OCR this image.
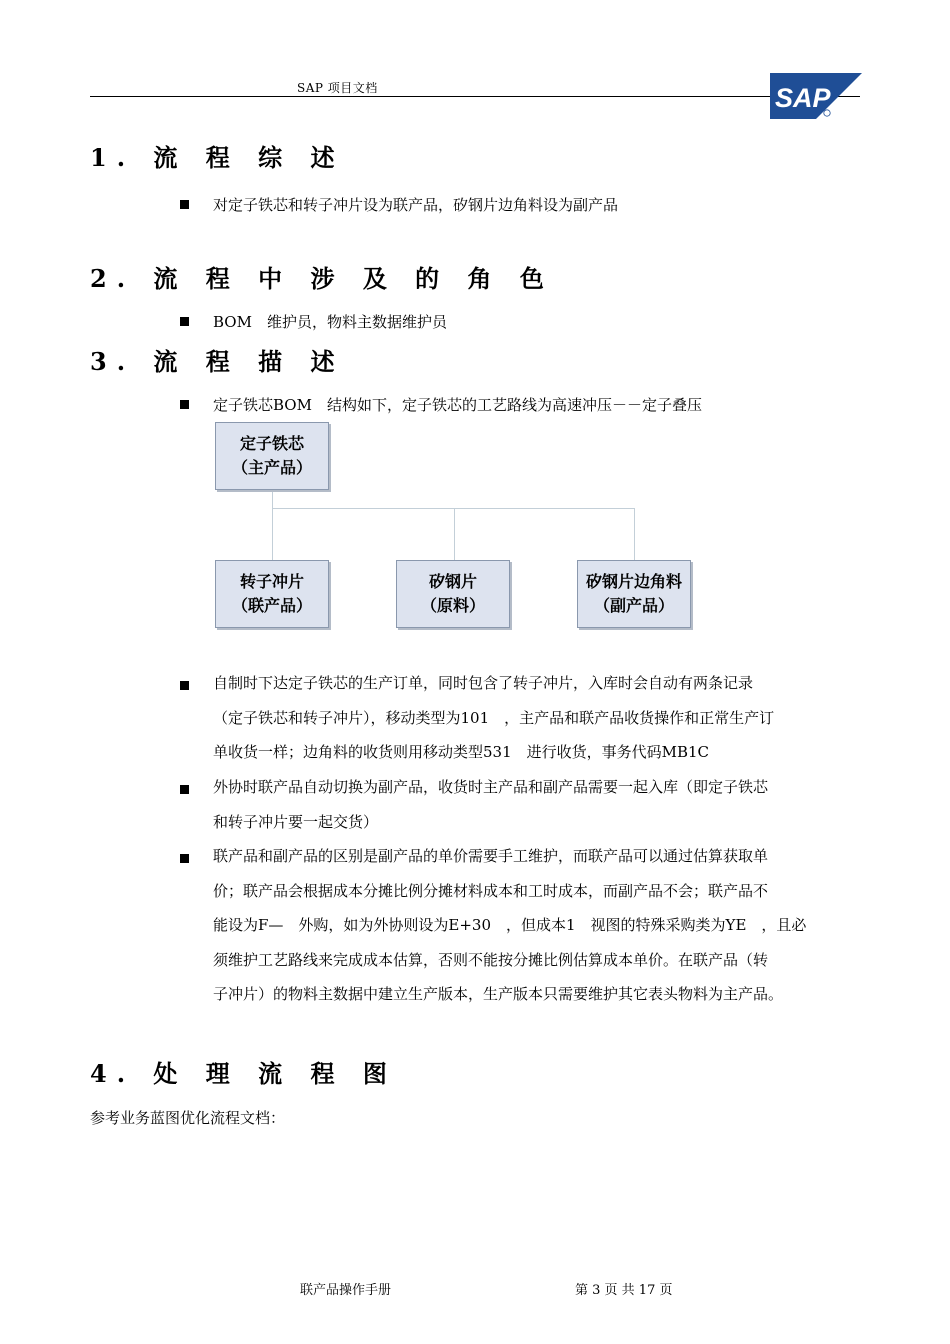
SAP 项目文档	SAP
1. 流 程 综 述
对定子铁芯和转子冲片设为联产品，矽钢片边角料设为副产品
2. 流 程 中 涉 及 的 角 色
BOM　维护员，物料主数据维护员
3. 流 程 描 述
定子铁芯BOM　结构如下，定子铁芯的工艺路线为高速冲压－－定子叠压
定子铁芯
（主产品）
转子冲片
（联产品）
矽钢片
（原料）
矽钢片边角料
（副产品）
自制时下达定子铁芯的生产订单，同时包含了转子冲片，入库时会自动有两条记录
（定子铁芯和转子冲片），移动类型为101　，主产品和联产品收货操作和正常生产订
单收货一样；边角料的收货则用移动类型531　进行收货，事务代码MB1C
外协时联产品自动切换为副产品，收货时主产品和副产品需要一起入库（即定子铁芯
和转子冲片要一起交货）
联产品和副产品的区别是副产品的单价需要手工维护，而联产品可以通过估算获取单
价；联产品会根据成本分摊比例分摊材料成本和工时成本，而副产品不会；联产品不
能设为F—　外购，如为外协则设为E+30　，但成本1　视图的特殊采购类为YE　，且必
须维护工艺路线来完成成本估算，否则不能按分摊比例估算成本单价。在联产品（转
子冲片）的物料主数据中建立生产版本，生产版本只需要维护其它表头物料为主产品。
4. 处 理 流 程 图
参考业务蓝图优化流程文档：
联产品操作手册	第 3 页 共 17 页
